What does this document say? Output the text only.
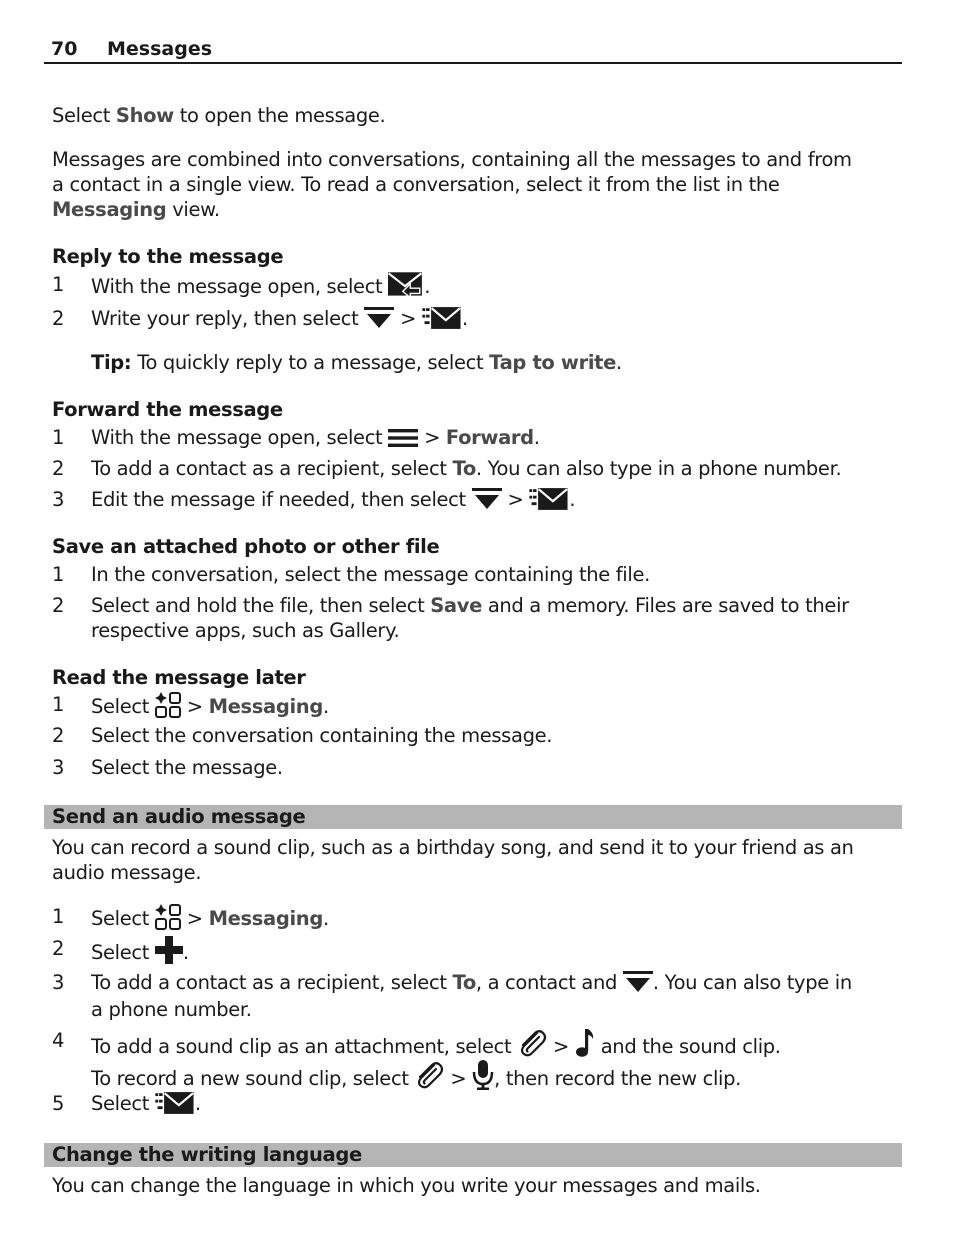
70 Messages
Select Show to open the message.
Messages are combined into conversations, containing all the messages to and from
a contact in a single view. To read a conversation, select it from the list in the
Messaging view.
Reply to the message
1 With the message open, select .
2 Write your reply, then select  > .
Tip: To quickly reply to a message, select Tap to write.
Forward the message
1 With the message open, select  > Forward.
2 To add a contact as a recipient, select To. You can also type in a phone number.
3 Edit the message if needed, then select  > .
Save an attached photo or other file
1 In the conversation, select the message containing the file.
2 Select and hold the file, then select Save and a memory. Files are saved to their
respective apps, such as Gallery.
Read the message later
1 Select  > Messaging.
2 Select the conversation containing the message.
3 Select the message.
Send an audio message
You can record a sound clip, such as a birthday song, and send it to your friend as an
audio message.
1 Select  > Messaging.
2 Select .
3 To add a contact as a recipient, select To, a contact and . You can also type in
a phone number.
4 To add a sound clip as an attachment, select  >  and the sound clip.
To record a new sound clip, select  > , then record the new clip.
5 Select .
Change the writing language
You can change the language in which you write your messages and mails.
